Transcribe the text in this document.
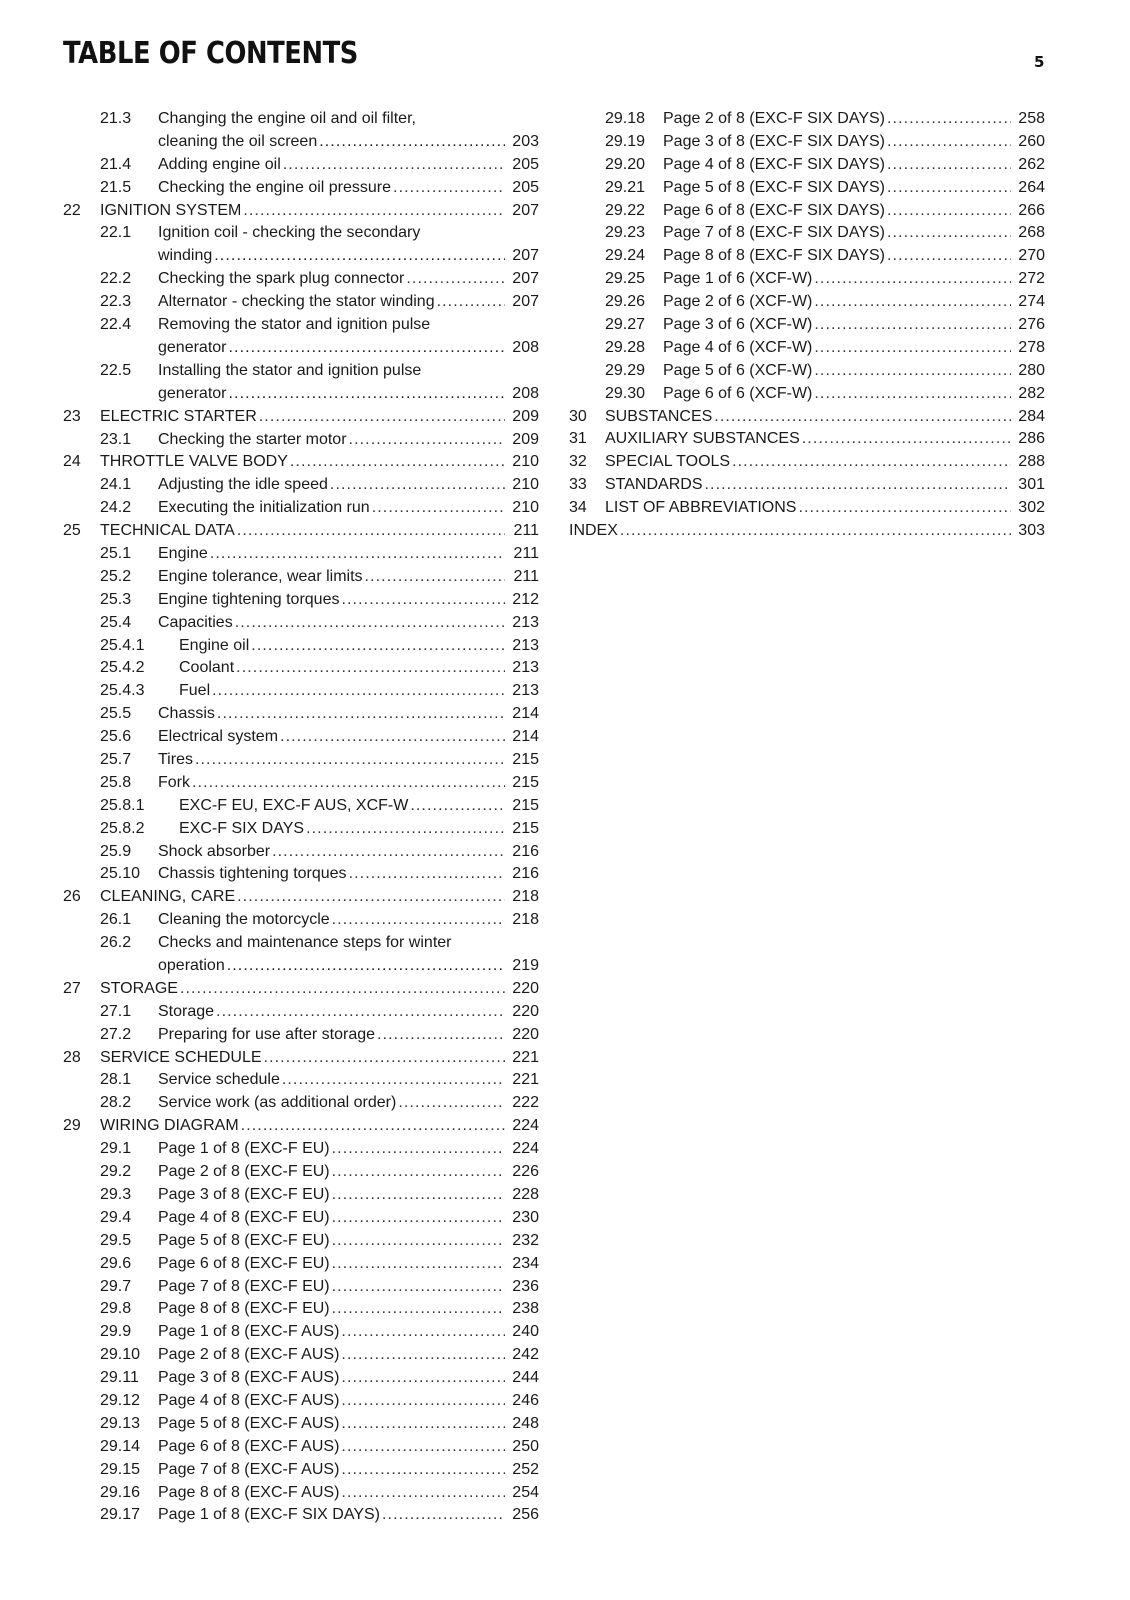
TABLE OF CONTENTS	5
21.3 Changing the engine oil and oil filter,
cleaning the oil screen .....	203
21.4 Adding engine oil .....	205
21.5 Checking the engine oil pressure .....	205
22 IGNITION SYSTEM .....	207
22.1 Ignition coil - checking the secondary
winding .....	207
22.2 Checking the spark plug connector .....	207
22.3 Alternator - checking the stator winding .....	207
22.4 Removing the stator and ignition pulse
generator .....	208
22.5 Installing the stator and ignition pulse
generator .....	208
23 ELECTRIC STARTER .....	209
23.1 Checking the starter motor .....	209
24 THROTTLE VALVE BODY .....	210
24.1 Adjusting the idle speed .....	210
24.2 Executing the initialization run .....	210
25 TECHNICAL DATA .....	211
25.1 Engine .....	211
25.2 Engine tolerance, wear limits .....	211
25.3 Engine tightening torques .....	212
25.4 Capacities .....	213
25.4.1 Engine oil .....	213
25.4.2 Coolant .....	213
25.4.3 Fuel .....	213
25.5 Chassis .....	214
25.6 Electrical system .....	214
25.7 Tires .....	215
25.8 Fork .....	215
25.8.1 EXC-F EU, EXC-F AUS, XCF-W .....	215
25.8.2 EXC-F SIX DAYS .....	215
25.9 Shock absorber .....	216
25.10 Chassis tightening torques .....	216
26 CLEANING, CARE .....	218
26.1 Cleaning the motorcycle .....	218
26.2 Checks and maintenance steps for winter
operation .....	219
27 STORAGE .....	220
27.1 Storage .....	220
27.2 Preparing for use after storage .....	220
28 SERVICE SCHEDULE .....	221
28.1 Service schedule .....	221
28.2 Service work (as additional order) .....	222
29 WIRING DIAGRAM .....	224
29.1 Page 1 of 8 (EXC-F EU) .....	224
29.2 Page 2 of 8 (EXC-F EU) .....	226
29.3 Page 3 of 8 (EXC-F EU) .....	228
29.4 Page 4 of 8 (EXC-F EU) .....	230
29.5 Page 5 of 8 (EXC-F EU) .....	232
29.6 Page 6 of 8 (EXC-F EU) .....	234
29.7 Page 7 of 8 (EXC-F EU) .....	236
29.8 Page 8 of 8 (EXC-F EU) .....	238
29.9 Page 1 of 8 (EXC-F AUS) .....	240
29.10 Page 2 of 8 (EXC-F AUS) .....	242
29.11 Page 3 of 8 (EXC-F AUS) .....	244
29.12 Page 4 of 8 (EXC-F AUS) .....	246
29.13 Page 5 of 8 (EXC-F AUS) .....	248
29.14 Page 6 of 8 (EXC-F AUS) .....	250
29.15 Page 7 of 8 (EXC-F AUS) .....	252
29.16 Page 8 of 8 (EXC-F AUS) .....	254
29.17 Page 1 of 8 (EXC-F SIX DAYS) .....	256
29.18 Page 2 of 8 (EXC-F SIX DAYS) .....	258
29.19 Page 3 of 8 (EXC-F SIX DAYS) .....	260
29.20 Page 4 of 8 (EXC-F SIX DAYS) .....	262
29.21 Page 5 of 8 (EXC-F SIX DAYS) .....	264
29.22 Page 6 of 8 (EXC-F SIX DAYS) .....	266
29.23 Page 7 of 8 (EXC-F SIX DAYS) .....	268
29.24 Page 8 of 8 (EXC-F SIX DAYS) .....	270
29.25 Page 1 of 6 (XCF-W) .....	272
29.26 Page 2 of 6 (XCF-W) .....	274
29.27 Page 3 of 6 (XCF-W) .....	276
29.28 Page 4 of 6 (XCF-W) .....	278
29.29 Page 5 of 6 (XCF-W) .....	280
29.30 Page 6 of 6 (XCF-W) .....	282
30 SUBSTANCES .....	284
31 AUXILIARY SUBSTANCES .....	286
32 SPECIAL TOOLS .....	288
33 STANDARDS .....	301
34 LIST OF ABBREVIATIONS .....	302
INDEX .....	303
